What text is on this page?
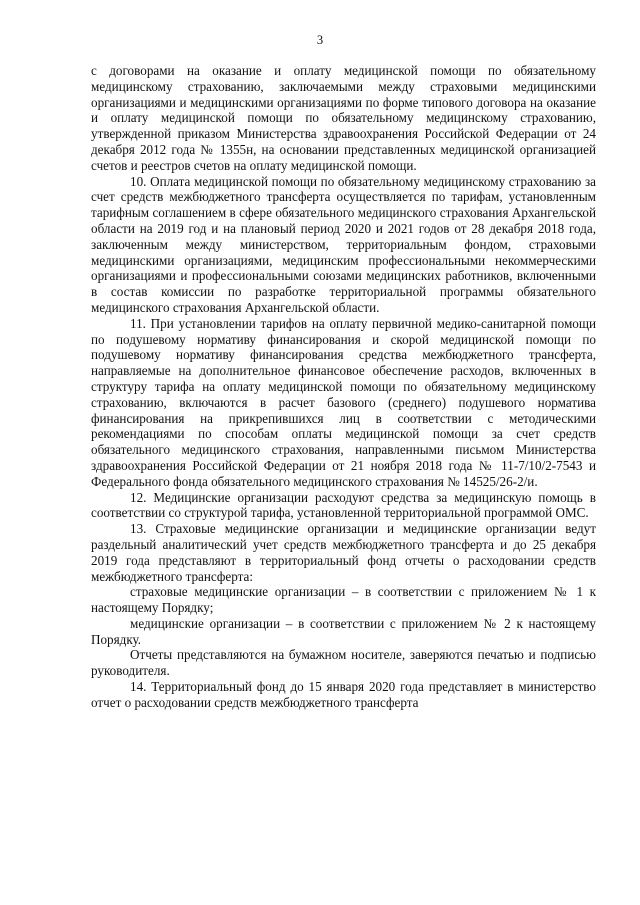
3

с договорами на оказание и оплату медицинской помощи по обязательному медицинскому страхованию, заключаемыми между страховыми медицинскими организациями и медицинскими организациями по форме типового договора на оказание и оплату медицинской помощи по обязательному медицинскому страхованию, утвержденной приказом Министерства здравоохранения Российской Федерации от 24 декабря 2012 года № 1355н, на основании представленных медицинской организацией счетов и реестров счетов на оплату медицинской помощи.

10. Оплата медицинской помощи по обязательному медицинскому страхованию за счет средств межбюджетного трансферта осуществляется по тарифам, установленным тарифным соглашением в сфере обязательного медицинского страхования Архангельской области на 2019 год и на плановый период 2020 и 2021 годов от 28 декабря 2018 года, заключенным между министерством, территориальным фондом, страховыми медицинскими организациями, медицинским профессиональными некоммерческими организациями и профессиональными союзами медицинских работников, включенными в состав комиссии по разработке территориальной программы обязательного медицинского страхования Архангельской области.

11. При установлении тарифов на оплату первичной медико-санитарной помощи по подушевому нормативу финансирования и скорой медицинской помощи по подушевому нормативу финансирования средства межбюджетного трансферта, направляемые на дополнительное финансовое обеспечение расходов, включенных в структуру тарифа на оплату медицинской помощи по обязательному медицинскому страхованию, включаются в расчет базового (среднего) подушевого норматива финансирования на прикрепившихся лиц в соответствии с методическими рекомендациями по способам оплаты медицинской помощи за счет средств обязательного медицинского страхования, направленными письмом Министерства здравоохранения Российской Федерации от 21 ноября 2018 года № 11-7/10/2-7543 и Федерального фонда обязательного медицинского страхования № 14525/26-2/и.

12. Медицинские организации расходуют средства за медицинскую помощь в соответствии со структурой тарифа, установленной территориальной программой ОМС.

13. Страховые медицинские организации и медицинские организации ведут раздельный аналитический учет средств межбюджетного трансферта и до 25 декабря 2019 года представляют в территориальный фонд отчеты о расходовании средств межбюджетного трансферта:

страховые медицинские организации – в соответствии с приложением № 1 к настоящему Порядку;

медицинские организации – в соответствии с приложением № 2 к настоящему Порядку.

Отчеты представляются на бумажном носителе, заверяются печатью и подписью руководителя.

14. Территориальный фонд до 15 января 2020 года представляет в министерство отчет о расходовании средств межбюджетного трансферта
